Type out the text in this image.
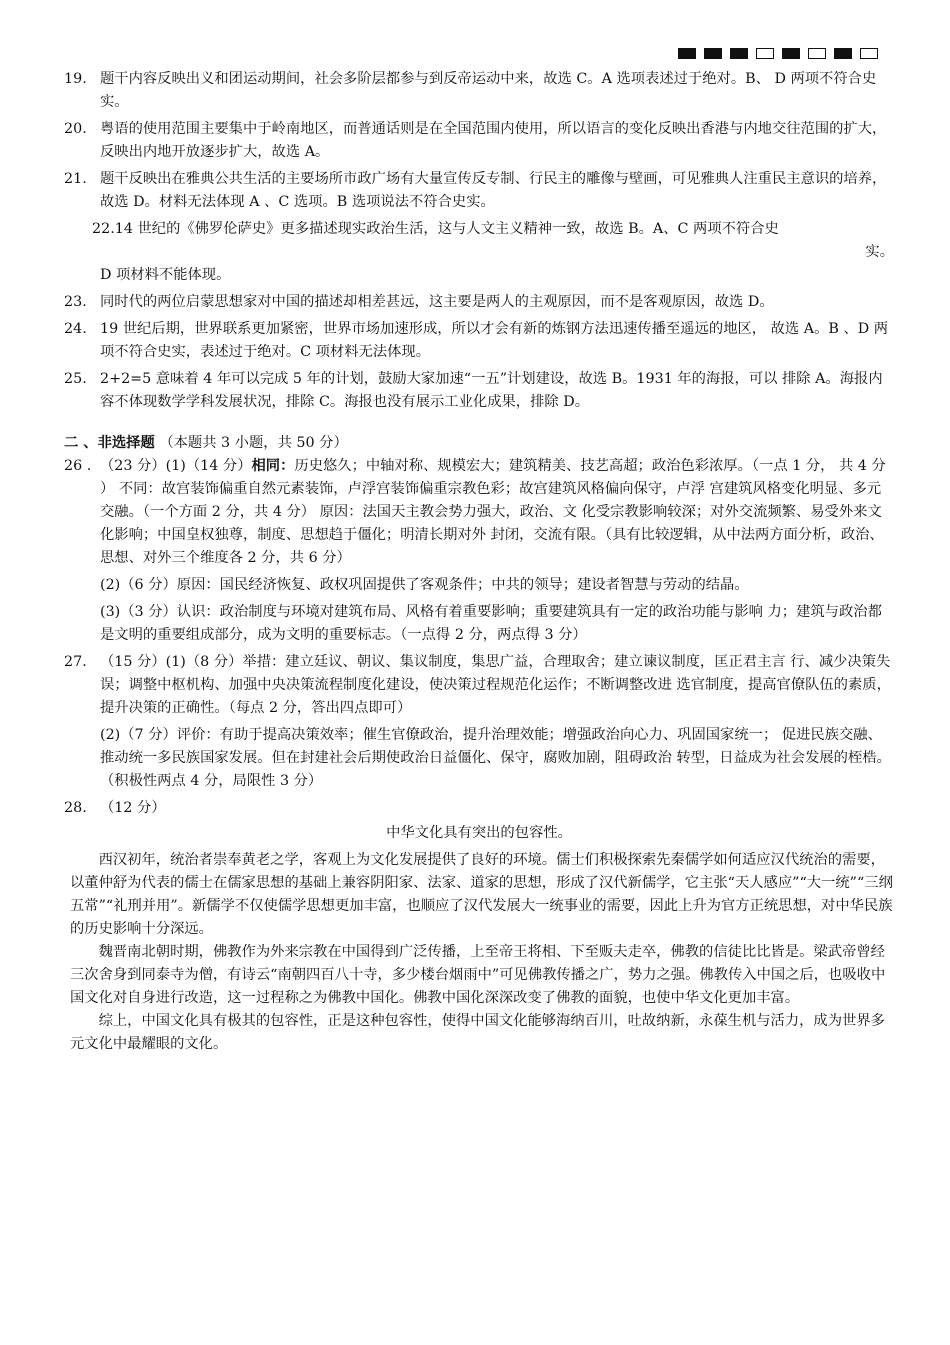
19. 题干内容反映出义和团运动期间，社会多阶层都参与到反帝运动中来，故选 C。A 选项表述过于绝对。B、 D 两项不符合史实。
20. 粤语的使用范围主要集中于岭南地区，而普通话则是在全国范围内使用，所以语言的变化反映出香港与内地交往范围的扩大，反映出内地开放逐步扩大，故选 A。
21. 题干反映出在雅典公共生活的主要场所市政广场有大量宣传反专制、行民主的雕像与壁画，可见雅典人注重民主意识的培养，故选 D。材料无法体现 A 、C 选项。B 选项说法不符合史实。
22.14 世纪的《佛罗伦萨史》更多描述现实政治生活，这与人文主义精神一致，故选 B。A、C 两项不符合史
实。
D 项材料不能体现。
23. 同时代的两位启蒙思想家对中国的描述却相差甚远，这主要是两人的主观原因，而不是客观原因，故选 D。
24. 19 世纪后期，世界联系更加紧密，世界市场加速形成，所以才会有新的炼钢方法迅速传播至遥远的地区， 故选 A。B 、D 两项不符合史实，表述过于绝对。C 项材料无法体现。
25. 2+2=5 意味着 4 年可以完成 5 年的计划，鼓励大家加速“一五”计划建设，故选 B。1931 年的海报，可以 排除 A。海报内容不体现数学学科发展状况，排除 C。海报也没有展示工业化成果，排除 D。
二 、非选择题 （本题共 3 小题，共 50 分）
26 . （23 分）(1)（14 分）相同：历史悠久；中轴对称、规模宏大；建筑精美、技艺高超；政治色彩浓厚。（一点 1 分， 共 4 分 ） 不同：故宫装饰偏重自然元素装饰，卢浮宫装饰偏重宗教色彩；故宫建筑风格偏向保守，卢浮 宫建筑风格变化明显、多元交融。（一个方面 2 分，共 4 分） 原因：法国天主教会势力强大，政治、文 化受宗教影响较深；对外交流频繁、易受外来文化影响；中国皇权独尊，制度、思想趋于僵化；明清长期对外 封闭，交流有限。（具有比较逻辑，从中法两方面分析，政治、思想、对外三个维度各 2 分，共 6 分）
(2)（6 分）原因：国民经济恢复、政权巩固提供了客观条件；中共的领导；建设者智慧与劳动的结晶。
(3)（3 分）认识：政治制度与环境对建筑布局、风格有着重要影响；重要建筑具有一定的政治功能与影响 力；建筑与政治都是文明的重要组成部分，成为文明的重要标志。（一点得 2 分，两点得 3 分）
27. （15 分）(1)（8 分）举措：建立廷议、朝议、集议制度，集思广益，合理取舍；建立谏议制度，匡正君主言 行、减少决策失误；调整中枢机构、加强中央决策流程制度化建设，使决策过程规范化运作；不断调整改进 选官制度，提高官僚队伍的素质，提升决策的正确性。（每点 2 分，答出四点即可）
(2)（7 分）评价：有助于提高决策效率；催生官僚政治，提升治理效能；增强政治向心力、巩固国家统一； 促进民族交融、推动统一多民族国家发展。但在封建社会后期使政治日益僵化、保守，腐败加剧，阻碍政治 转型，日益成为社会发展的桎梏。（积极性两点 4 分，局限性 3 分）
28. （12 分）
中华文化具有突出的包容性。

西汉初年，统治者崇奉黄老之学，客观上为文化发展提供了良好的环境。儒士们积极探索先秦儒学如何适应汉代统治的需要，以董仲舒为代表的儒士在儒家思想的基础上兼容阴阳家、法家、道家的思想，形成了汉代新儒学，它主张“天人感应”“大一统”“三纲五常”“礼刑并用”。新儒学不仅使儒学思想更加丰富，也顺应了汉代发展大一统事业的需要，因此上升为官方正统思想，对中华民族的历史影响十分深远。

魏晋南北朝时期，佛教作为外来宗教在中国得到广泛传播，上至帝王将相、下至贩夫走卒，佛教的信徒比比皆是。梁武帝曾经三次舍身到同泰寺为僧，有诗云“南朝四百八十寺，多少楼台烟雨中”可见佛教传播之广，势力之强。佛教传入中国之后，也吸收中国文化对自身进行改造，这一过程称之为佛教中国化。佛教中国化深深改变了佛教的面貌，也使中华文化更加丰富。

综上，中国文化具有极其的包容性，正是这种包容性，使得中国文化能够海纳百川，吐故纳新，永葆生机与活力，成为世界多元文化中最耀眼的文化。
